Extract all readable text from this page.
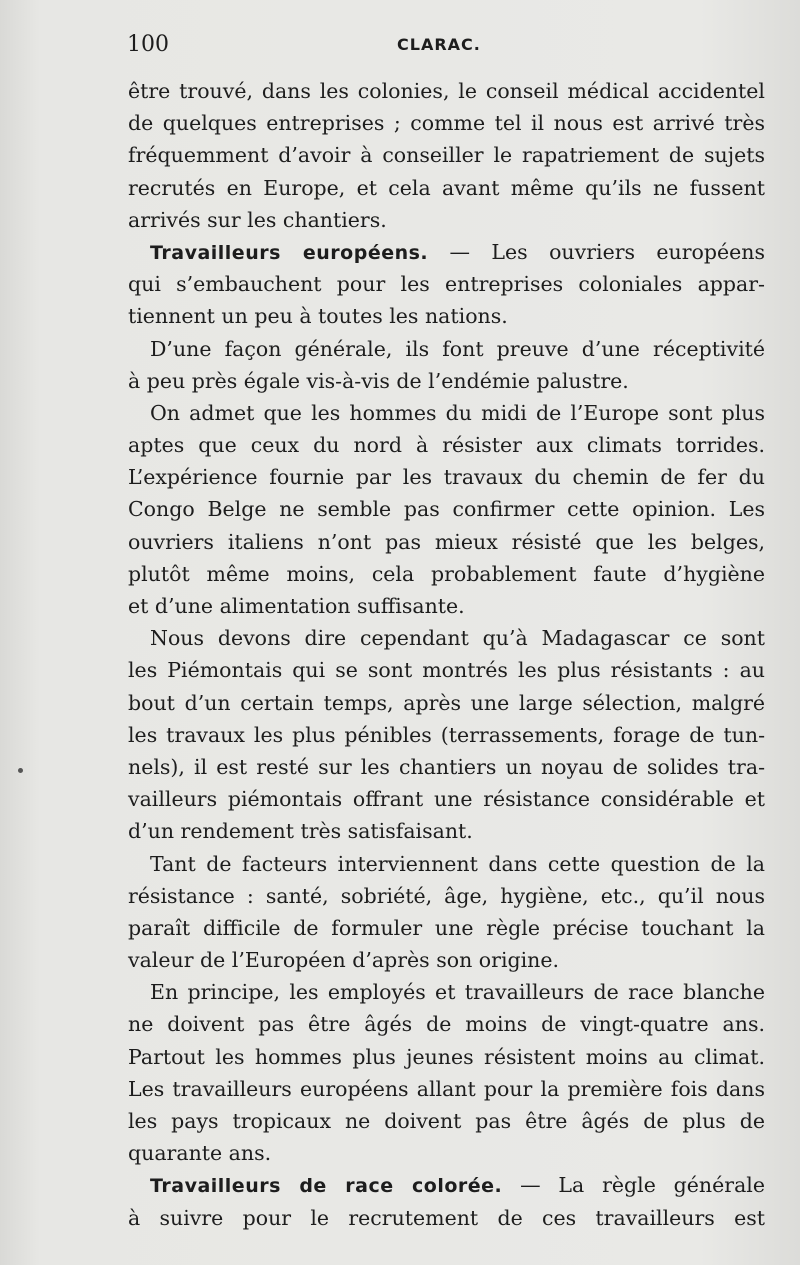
100	CLARAC.

être trouvé, dans les colonies, le conseil médical accidentel
de quelques entreprises ; comme tel il nous est arrivé très
fréquemment d’avoir à conseiller le rapatriement de sujets
recrutés en Europe, et cela avant même qu’ils ne fussent
arrivés sur les chantiers.

Travailleurs européens. — Les ouvriers européens
qui s’embauchent pour les entreprises coloniales appar-
tiennent un peu à toutes les nations.

D’une façon générale, ils font preuve d’une réceptivité
à peu près égale vis-à-vis de l’endémie palustre.

On admet que les hommes du midi de l’Europe sont plus
aptes que ceux du nord à résister aux climats torrides.
L’expérience fournie par les travaux du chemin de fer du
Congo Belge ne semble pas confirmer cette opinion. Les
ouvriers italiens n’ont pas mieux résisté que les belges,
plutôt même moins, cela probablement faute d’hygiène
et d’une alimentation suffisante.

Nous devons dire cependant qu’à Madagascar ce sont
les Piémontais qui se sont montrés les plus résistants : au
bout d’un certain temps, après une large sélection, malgré
les travaux les plus pénibles (terrassements, forage de tun-
nels), il est resté sur les chantiers un noyau de solides tra-
vailleurs piémontais offrant une résistance considérable et
d’un rendement très satisfaisant.

Tant de facteurs interviennent dans cette question de la
résistance : santé, sobriété, âge, hygiène, etc., qu’il nous
paraît difficile de formuler une règle précise touchant la
valeur de l’Européen d’après son origine.

En principe, les employés et travailleurs de race blanche
ne doivent pas être âgés de moins de vingt-quatre ans.
Partout les hommes plus jeunes résistent moins au climat.
Les travailleurs européens allant pour la première fois dans
les pays tropicaux ne doivent pas être âgés de plus de
quarante ans.

Travailleurs de race colorée. — La règle générale
à suivre pour le recrutement de ces travailleurs est
